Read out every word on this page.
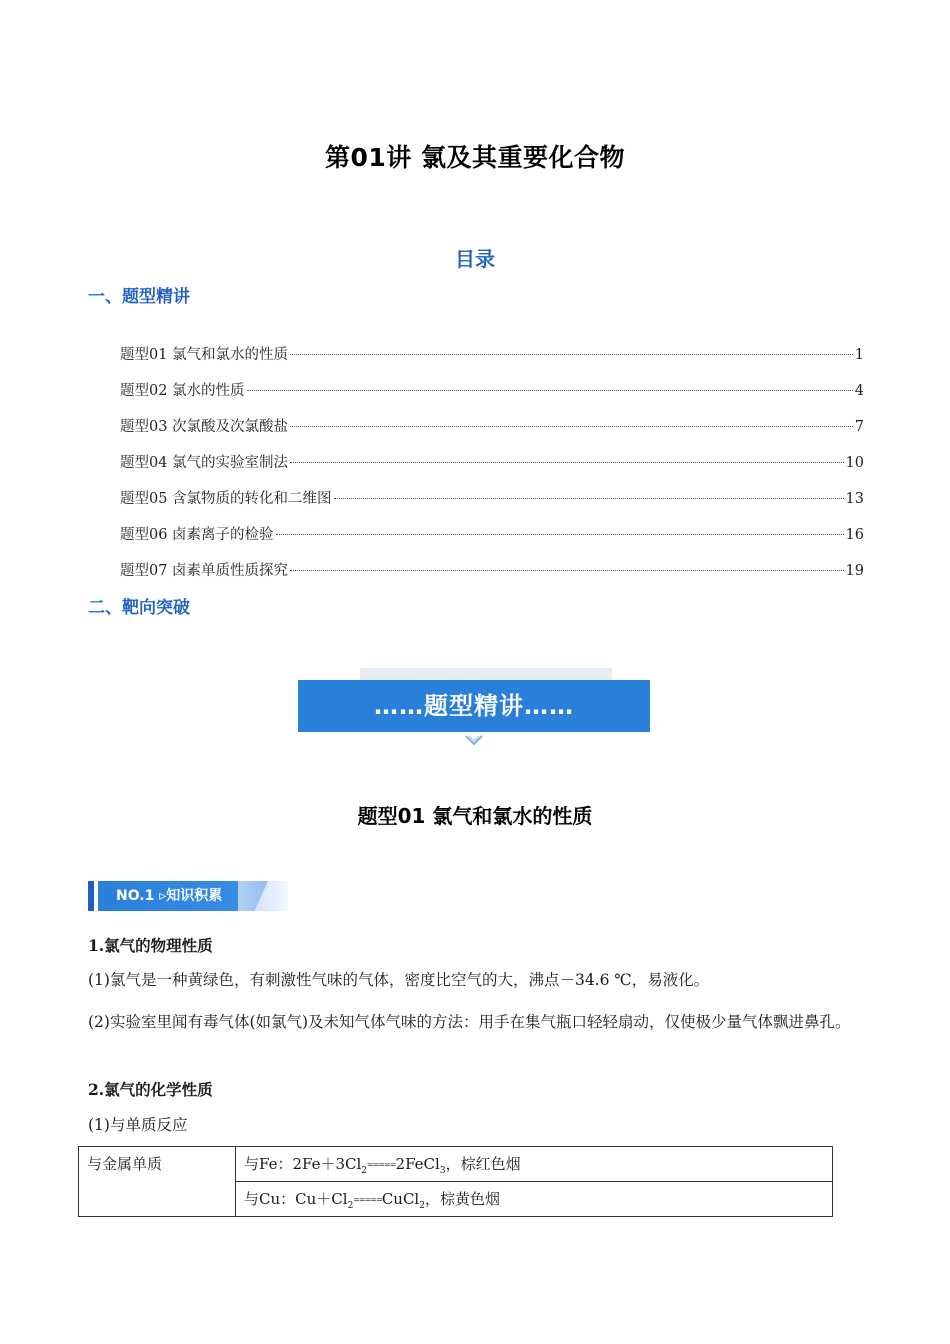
第01讲 氯及其重要化合物
目录
一、题型精讲
题型01 氯气和氯水的性质	1
题型02 氯水的性质	4
题型03 次氯酸及次氯酸盐	7
题型04 氯气的实验室制法	10
题型05 含氯物质的转化和二维图	13
题型06 卤素离子的检验	16
题型07 卤素单质性质探究	19
二、靶向突破
……题型精讲……
题型01 氯气和氯水的性质
NO.1 ▹知识积累
1.氯气的物理性质
(1)氯气是一种黄绿色，有刺激性气味的气体，密度比空气的大，沸点－34.6 ℃，易液化。
(2)实验室里闻有毒气体(如氯气)及未知气体气味的方法：用手在集气瓶口轻轻扇动，仅使极少量气体飘进鼻孔。
2.氯气的化学性质
(1)与单质反应
与金属单质	与Fe：$2Fe+3Cl_2=====2FeCl_3$，棕红色烟
与Cu：$Cu+Cl_2=====CuCl_2$，棕黄色烟
